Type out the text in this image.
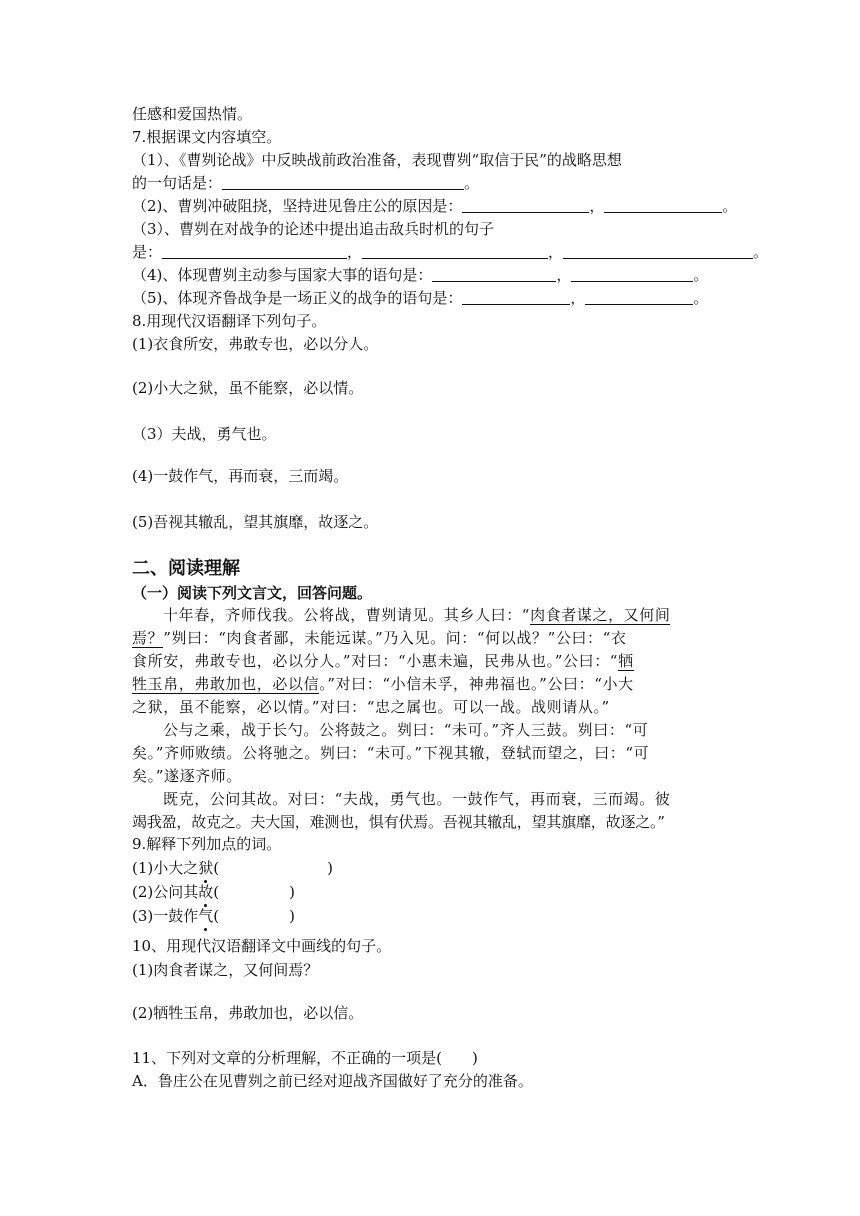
任感和爱国热情。
7.根据课文内容填空。
（1）、《曹刿论战》中反映战前政治准备，表现曹刿“取信于民”的战略思想
的一句话是：	。
（2)、曹刿冲破阻挠，坚持进见鲁庄公的原因是：	，	。
（3）、曹刿在对战争的论述中提出追击敌兵时机的句子
是：	，	，	。
（4)、体现曹刿主动参与国家大事的语句是：	，	。
（5)、体现齐鲁战争是一场正义的战争的语句是：	，	。
8.用现代汉语翻译下列句子。
(1)衣食所安，弗敢专也，必以分人。
(2)小大之狱，虽不能察，必以情。
（3）夫战，勇气也。
(4)一鼓作气，再而衰，三而竭。
(5)吾视其辙乱，望其旗靡，故逐之。
二、阅读理解
（一）阅读下列文言文，回答问题。
十年春，齐师伐我。公将战，曹刿请见。其乡人曰：“肉食者谋之，又何间
焉？”刿曰：“肉食者鄙，未能远谋。”乃入见。问：“何以战？”公曰：“衣
食所安，弗敢专也，必以分人。”对曰：“小惠未遍，民弗从也。”公曰：“牺
牲玉帛，弗敢加也，必以信。”对曰：“小信未孚，神弗福也。”公曰：“小大
之狱，虽不能察，必以情。”对曰：“忠之属也。可以一战。战则请从。”
公与之乘，战于长勺。公将鼓之。刿曰：“未可。”齐人三鼓。刿曰：“可
矣。”齐师败绩。公将驰之。刿曰：“未可。”下视其辙，登轼而望之，曰：“可
矣。”遂逐齐师。
既克，公问其故。对曰：“夫战，勇气也。一鼓作气，再而衰，三而竭。彼
竭我盈，故克之。夫大国，难测也，惧有伏焉。吾视其辙乱，望其旗靡，故逐之。”
9.解释下列加点的词。
(1)小大之狱(	)
(2)公问其故(	)
(3)一鼓作气(	)
10、用现代汉语翻译文中画线的句子。
(1)肉食者谋之，又何间焉？
(2)牺牲玉帛，弗敢加也，必以信。
11、下列对文章的分析理解，不正确的一项是(　　)
A．鲁庄公在见曹刿之前已经对迎战齐国做好了充分的准备。
